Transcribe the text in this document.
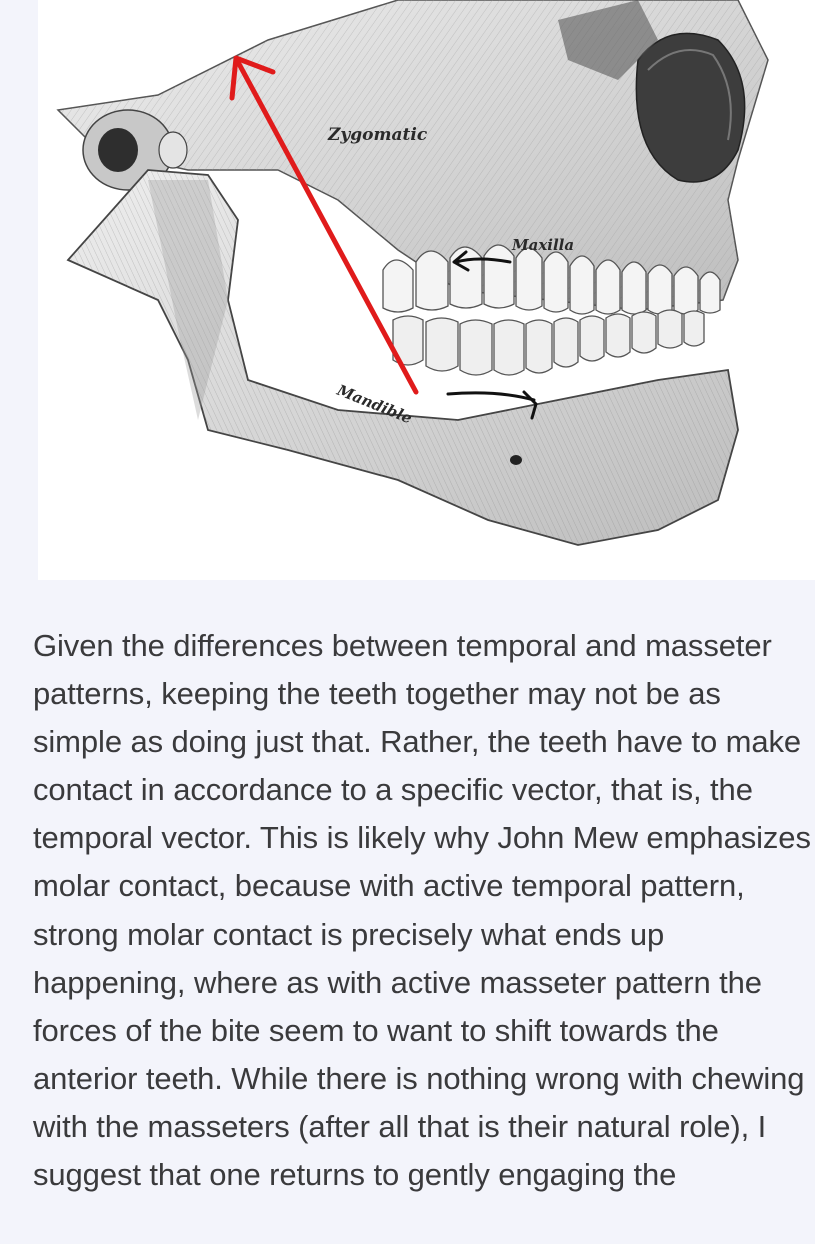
Zygomatic
Maxilla
Mandible

Given the differences between temporal and masseter patterns, keeping the teeth together may not be as simple as doing just that. Rather, the teeth have to make contact in accordance to a specific vector, that is, the temporal vector. This is likely why John Mew emphasizes molar contact, because with active temporal pattern, strong molar contact is precisely what ends up happening, where as with active masseter pattern the forces of the bite seem to want to shift towards the anterior teeth. While there is nothing wrong with chewing with the masseters (after all that is their natural role), I suggest that one returns to gently engaging the
